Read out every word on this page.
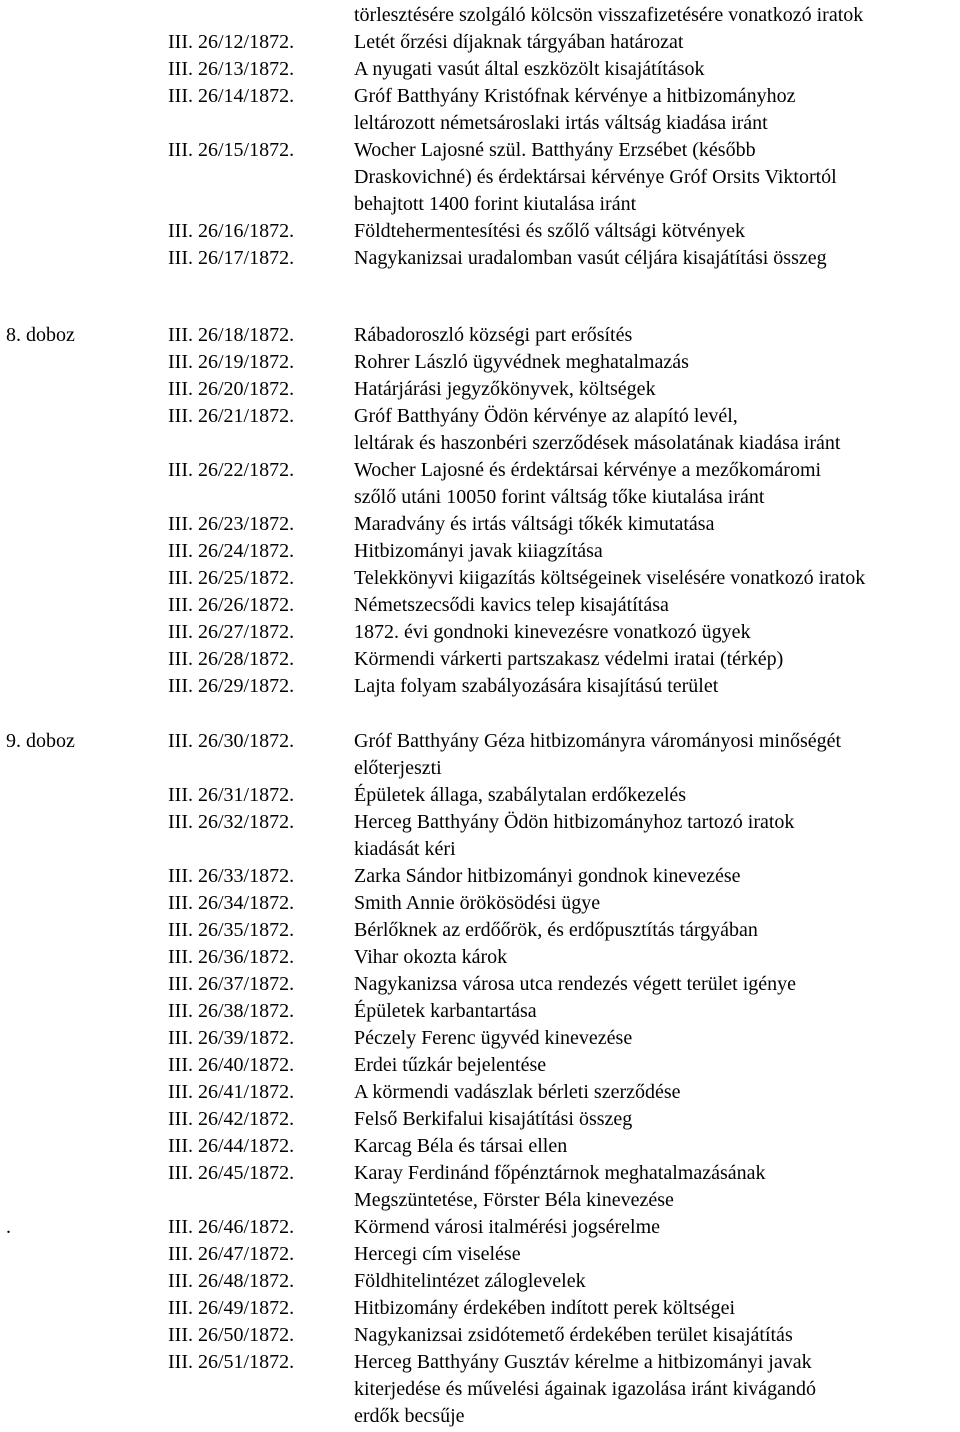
törlesztésére szolgáló kölcsön visszafizetésére vonatkozó iratok
III. 26/12/1872.	Letét őrzési díjaknak tárgyában határozat
III. 26/13/1872.	A nyugati vasút által eszközölt kisajátítások
III. 26/14/1872.	Gróf Batthyány Kristófnak kérvénye a hitbizományhoz
leltározott németsároslaki irtás váltság kiadása iránt
III. 26/15/1872.	Wocher Lajosné szül. Batthyány Erzsébet (később
Draskovichné) és érdektársai kérvénye Gróf Orsits Viktortól
behajtott 1400 forint kiutalása iránt
III. 26/16/1872.	Földtehermentesítési és szőlő váltsági kötvények
III. 26/17/1872.	Nagykanizsai uradalomban vasút céljára kisajátítási összeg
8. doboz	III. 26/18/1872.	Rábadoroszló községi part erősítés
III. 26/19/1872.	Rohrer László ügyvédnek meghatalmazás
III. 26/20/1872.	Határjárási jegyzőkönyvek, költségek
III. 26/21/1872.	Gróf Batthyány Ödön kérvénye az alapító levél,
leltárak és haszonbéri szerződések másolatának kiadása iránt
III. 26/22/1872.	Wocher Lajosné és érdektársai kérvénye a mezőkomáromi
szőlő utáni 10050 forint váltság tőke kiutalása iránt
III. 26/23/1872.	Maradvány és irtás váltsági tőkék kimutatása
III. 26/24/1872.	Hitbizományi javak kiiagzítása
III. 26/25/1872.	Telekkönyvi kiigazítás költségeinek viselésére vonatkozó iratok
III. 26/26/1872.	Németszecsődi kavics telep kisajátítása
III. 26/27/1872.	1872. évi gondnoki kinevezésre vonatkozó ügyek
III. 26/28/1872.	Körmendi várkerti partszakasz védelmi iratai (térkép)
III. 26/29/1872.	Lajta folyam szabályozására kisajítású terület
9. doboz	III. 26/30/1872.	Gróf Batthyány Géza hitbizományra várományosi minőségét
előterjeszti
III. 26/31/1872.	Épületek állaga, szabálytalan erdőkezelés
III. 26/32/1872.	Herceg Batthyány Ödön hitbizományhoz tartozó iratok
kiadását kéri
III. 26/33/1872.	Zarka Sándor hitbizományi gondnok kinevezése
III. 26/34/1872.	Smith Annie örökösödési ügye
III. 26/35/1872.	Bérlőknek az erdőőrök, és erdőpusztítás tárgyában
III. 26/36/1872.	Vihar okozta károk
III. 26/37/1872.	Nagykanizsa városa utca rendezés végett terület igénye
III. 26/38/1872.	Épületek karbantartása
III. 26/39/1872.	Péczely Ferenc ügyvéd kinevezése
III. 26/40/1872.	Erdei tűzkár bejelentése
III. 26/41/1872.	A körmendi vadászlak bérleti szerződése
III. 26/42/1872.	Felső Berkifalui kisajátítási összeg
III. 26/44/1872.	Karcag Béla és társai ellen
III. 26/45/1872.	Karay Ferdinánd főpénztárnok meghatalmazásának
Megszüntetése, Förster Béla kinevezése
.	III. 26/46/1872.	Körmend városi italmérési jogsérelme
III. 26/47/1872.	Hercegi cím viselése
III. 26/48/1872.	Földhitelintézet záloglevelek
III. 26/49/1872.	Hitbizomány érdekében indított perek költségei
III. 26/50/1872.	Nagykanizsai zsidótemető érdekében terület kisajátítás
III. 26/51/1872.	Herceg Batthyány Gusztáv kérelme a hitbizományi javak
kiterjedése és művelési ágainak igazolása iránt kivágandó
erdők becsűje
